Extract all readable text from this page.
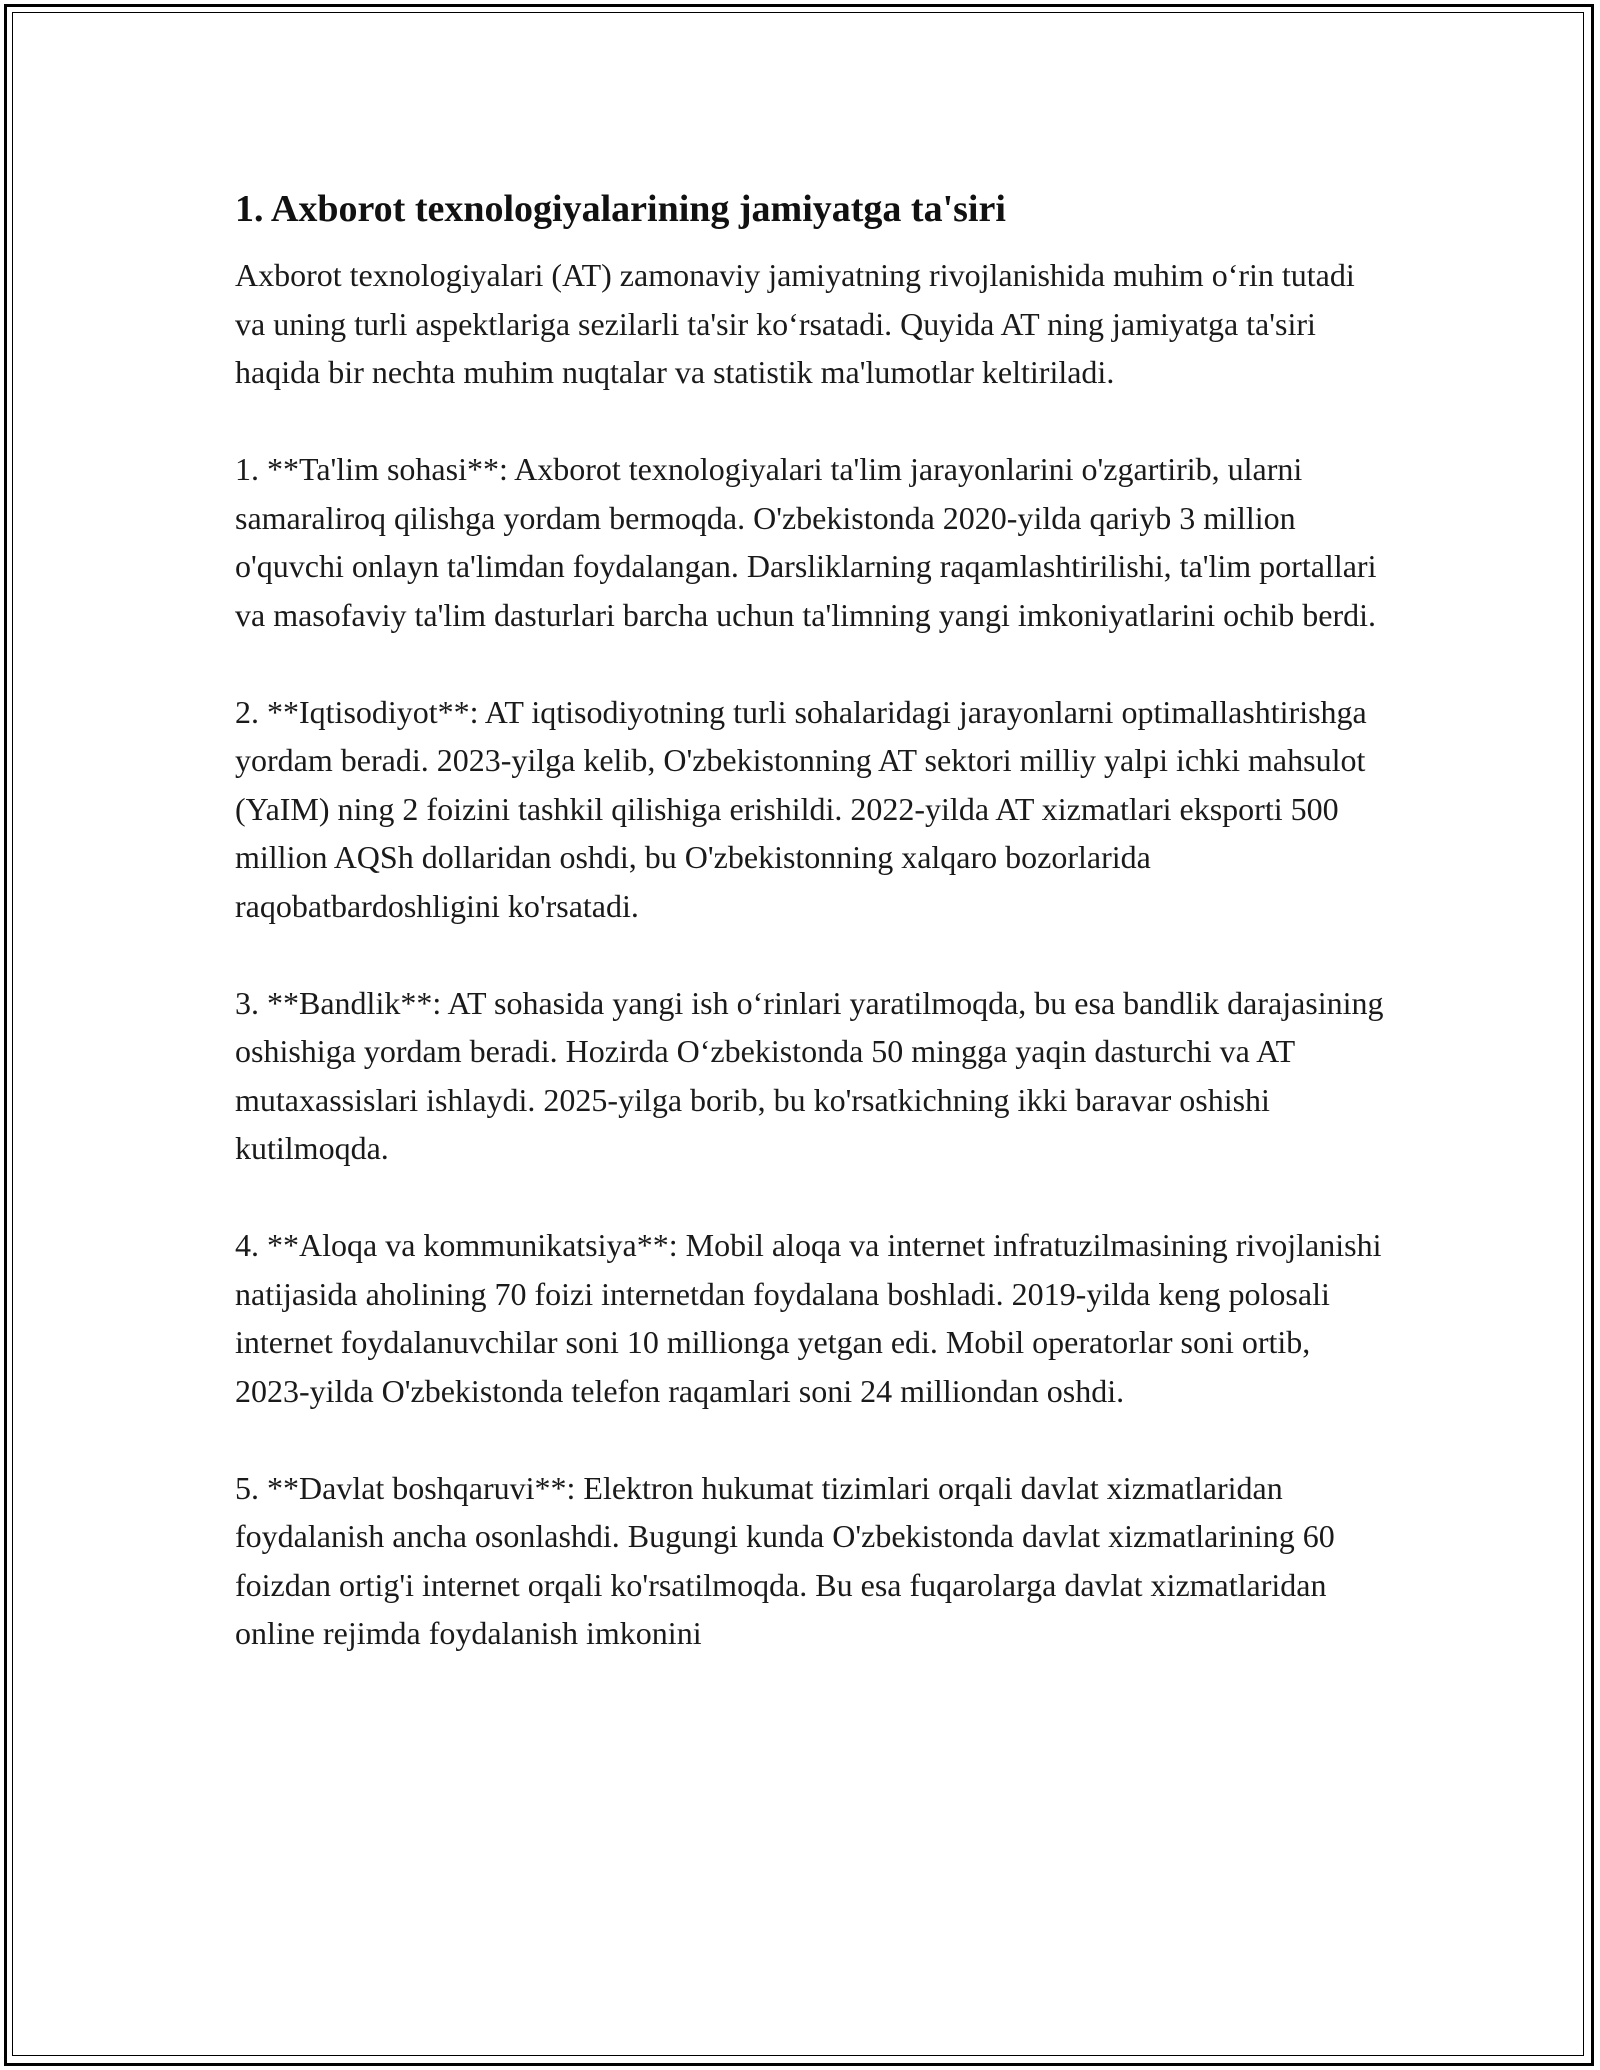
1. Axborot texnologiyalarining jamiyatga ta'siri

Axborot texnologiyalari (AT) zamonaviy jamiyatning rivojlanishida muhim o‘rin tutadi va uning turli aspektlariga sezilarli ta'sir ko‘rsatadi. Quyida AT ning jamiyatga ta'siri haqida bir nechta muhim nuqtalar va statistik ma'lumotlar keltiriladi.

1. **Ta'lim sohasi**: Axborot texnologiyalari ta'lim jarayonlarini o'zgartirib, ularni samaraliroq qilishga yordam bermoqda. O'zbekistonda 2020-yilda qariyb 3 million o'quvchi onlayn ta'limdan foydalangan. Darsliklarning raqamlashtirilishi, ta'lim portallari va masofaviy ta'lim dasturlari barcha uchun ta'limning yangi imkoniyatlarini ochib berdi.

2. **Iqtisodiyot**: AT iqtisodiyotning turli sohalaridagi jarayonlarni optimallashtirishga yordam beradi. 2023-yilga kelib, O'zbekistonning AT sektori milliy yalpi ichki mahsulot (YaIM) ning 2 foizini tashkil qilishiga erishildi. 2022-yilda AT xizmatlari eksporti 500 million AQSh dollaridan oshdi, bu O'zbekistonning xalqaro bozorlarida raqobatbardoshligini ko'rsatadi.

3. **Bandlik**: AT sohasida yangi ish o‘rinlari yaratilmoqda, bu esa bandlik darajasining oshishiga yordam beradi. Hozirda O‘zbekistonda 50 mingga yaqin dasturchi va AT mutaxassislari ishlaydi. 2025-yilga borib, bu ko'rsatkichning ikki baravar oshishi kutilmoqda.

4. **Aloqa va kommunikatsiya**: Mobil aloqa va internet infratuzilmasining rivojlanishi natijasida aholining 70 foizi internetdan foydalana boshladi. 2019-yilda keng polosali internet foydalanuvchilar soni 10 millionga yetgan edi. Mobil operatorlar soni ortib, 2023-yilda O'zbekistonda telefon raqamlari soni 24 milliondan oshdi.

5. **Davlat boshqaruvi**: Elektron hukumat tizimlari orqali davlat xizmatlaridan foydalanish ancha osonlashdi. Bugungi kunda O'zbekistonda davlat xizmatlarining 60 foizdan ortig'i internet orqali ko'rsatilmoqda. Bu esa fuqarolarga davlat xizmatlaridan online rejimda foydalanish imkonini
